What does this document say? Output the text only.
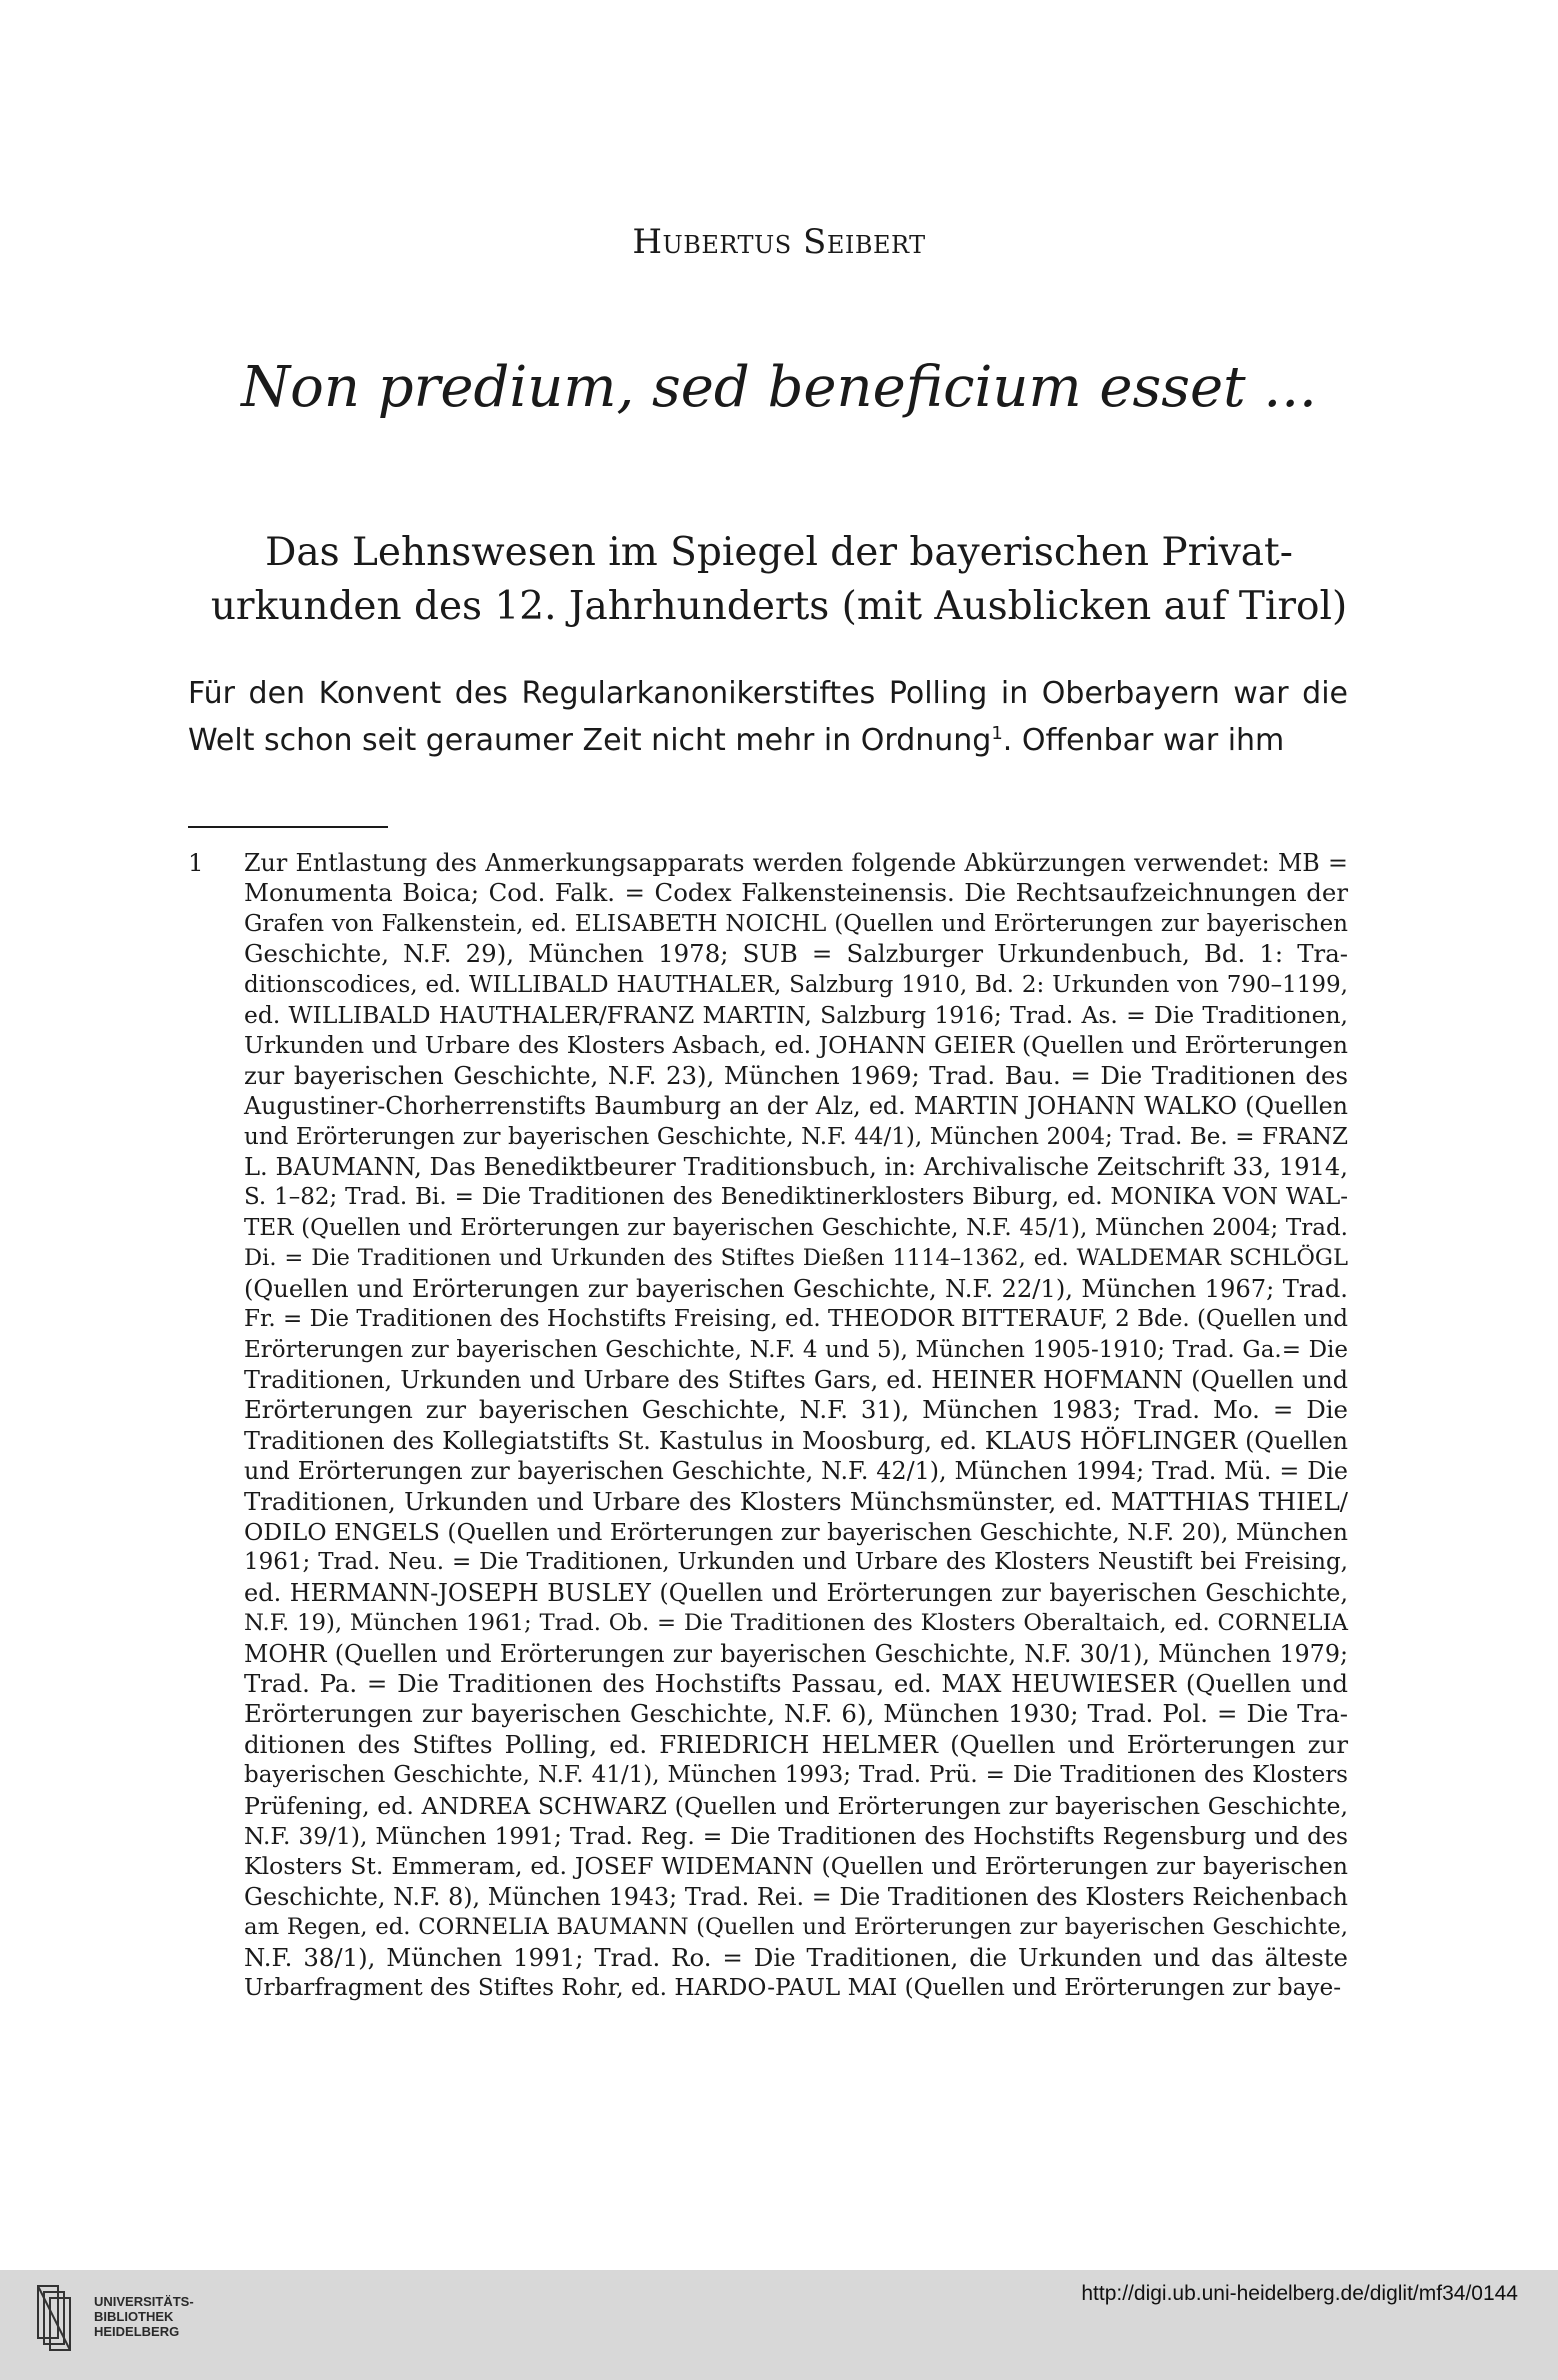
Hubertus Seibert
Non predium, sed beneficium esset ...
Das Lehnswesen im Spiegel der bayerischen Privat-
urkunden des 12. Jahrhunderts (mit Ausblicken auf Tirol)
Für den Konvent des Regularkanonikerstiftes Polling in Oberbayern war die
Welt schon seit geraumer Zeit nicht mehr in Ordnung$^1$. Offenbar war ihm
1 Zur Entlastung des Anmerkungsapparats werden folgende Abkürzungen verwendet: MB =
Monumenta Boica; Cod. Falk. = Codex Falkensteinensis. Die Rechtsaufzeichnungen der
Grafen von Falkenstein, ed. ELISABETH NOICHL (Quellen und Erörterungen zur bayerischen
Geschichte, N.F. 29), München 1978; SUB = Salzburger Urkundenbuch, Bd. 1: Tra-
ditionscodices, ed. WILLIBALD HAUTHALER, Salzburg 1910, Bd. 2: Urkunden von 790–1199,
ed. WILLIBALD HAUTHALER/FRANZ MARTIN, Salzburg 1916; Trad. As. = Die Traditionen,
Urkunden und Urbare des Klosters Asbach, ed. JOHANN GEIER (Quellen und Erörterungen
zur bayerischen Geschichte, N.F. 23), München 1969; Trad. Bau. = Die Traditionen des
Augustiner-Chorherrenstifts Baumburg an der Alz, ed. MARTIN JOHANN WALKO (Quellen
und Erörterungen zur bayerischen Geschichte, N.F. 44/1), München 2004; Trad. Be. = FRANZ
L. BAUMANN, Das Benediktbeurer Traditionsbuch, in: Archivalische Zeitschrift 33, 1914,
S. 1–82; Trad. Bi. = Die Traditionen des Benediktinerklosters Biburg, ed. MONIKA VON WAL-
TER (Quellen und Erörterungen zur bayerischen Geschichte, N.F. 45/1), München 2004; Trad.
Di. = Die Traditionen und Urkunden des Stiftes Dießen 1114–1362, ed. WALDEMAR SCHLÖGL
(Quellen und Erörterungen zur bayerischen Geschichte, N.F. 22/1), München 1967; Trad.
Fr. = Die Traditionen des Hochstifts Freising, ed. THEODOR BITTERAUF, 2 Bde. (Quellen und
Erörterungen zur bayerischen Geschichte, N.F. 4 und 5), München 1905-1910; Trad. Ga.= Die
Traditionen, Urkunden und Urbare des Stiftes Gars, ed. HEINER HOFMANN (Quellen und
Erörterungen zur bayerischen Geschichte, N.F. 31), München 1983; Trad. Mo. = Die
Traditionen des Kollegiatstifts St. Kastulus in Moosburg, ed. KLAUS HÖFLINGER (Quellen
und Erörterungen zur bayerischen Geschichte, N.F. 42/1), München 1994; Trad. Mü. = Die
Traditionen, Urkunden und Urbare des Klosters Münchsmünster, ed. MATTHIAS THIEL/
ODILO ENGELS (Quellen und Erörterungen zur bayerischen Geschichte, N.F. 20), München
1961; Trad. Neu. = Die Traditionen, Urkunden und Urbare des Klosters Neustift bei Freising,
ed. HERMANN-JOSEPH BUSLEY (Quellen und Erörterungen zur bayerischen Geschichte,
N.F. 19), München 1961; Trad. Ob. = Die Traditionen des Klosters Oberaltaich, ed. CORNELIA
MOHR (Quellen und Erörterungen zur bayerischen Geschichte, N.F. 30/1), München 1979;
Trad. Pa. = Die Traditionen des Hochstifts Passau, ed. MAX HEUWIESER (Quellen und
Erörterungen zur bayerischen Geschichte, N.F. 6), München 1930; Trad. Pol. = Die Tra-
ditionen des Stiftes Polling, ed. FRIEDRICH HELMER (Quellen und Erörterungen zur
bayerischen Geschichte, N.F. 41/1), München 1993; Trad. Prü. = Die Traditionen des Klosters
Prüfening, ed. ANDREA SCHWARZ (Quellen und Erörterungen zur bayerischen Geschichte,
N.F. 39/1), München 1991; Trad. Reg. = Die Traditionen des Hochstifts Regensburg und des
Klosters St. Emmeram, ed. JOSEF WIDEMANN (Quellen und Erörterungen zur bayerischen
Geschichte, N.F. 8), München 1943; Trad. Rei. = Die Traditionen des Klosters Reichenbach
am Regen, ed. CORNELIA BAUMANN (Quellen und Erörterungen zur bayerischen Geschichte,
N.F. 38/1), München 1991; Trad. Ro. = Die Traditionen, die Urkunden und das älteste
Urbarfragment des Stiftes Rohr, ed. HARDO-PAUL MAI (Quellen und Erörterungen zur baye-
UNIVERSITÄTS-
BIBLIOTHEK
HEIDELBERG
http://digi.ub.uni-heidelberg.de/diglit/mf34/0144
